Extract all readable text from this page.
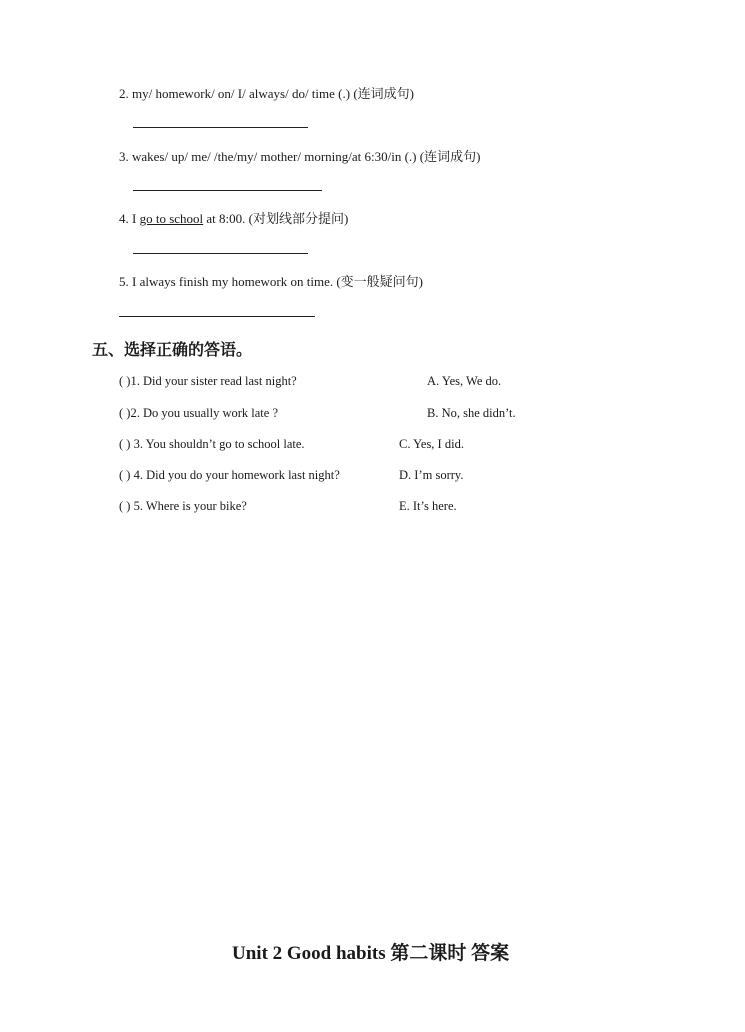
2. my/ homework/ on/ I/ always/ do/ time (.) (连词成句)
3. wakes/ up/ me/ /the/my/ mother/ morning/at 6:30/in (.) (连词成句)
4. I go to school at 8:00. (对划线部分提问)
5. I always finish my homework on time. (变一般疑问句)
五、选择正确的答语。
( )1. Did your sister read last night?	A. Yes, We do.
( )2. Do you usually work late ?	B. No, she didn’t.
( ) 3. You shouldn’t go to school late.	C. Yes, I did.
( ) 4. Did you do your homework last night?	D. I’m sorry.
( ) 5. Where is your bike?	E. It’s here.
Unit 2 Good habits 第二课时 答案
